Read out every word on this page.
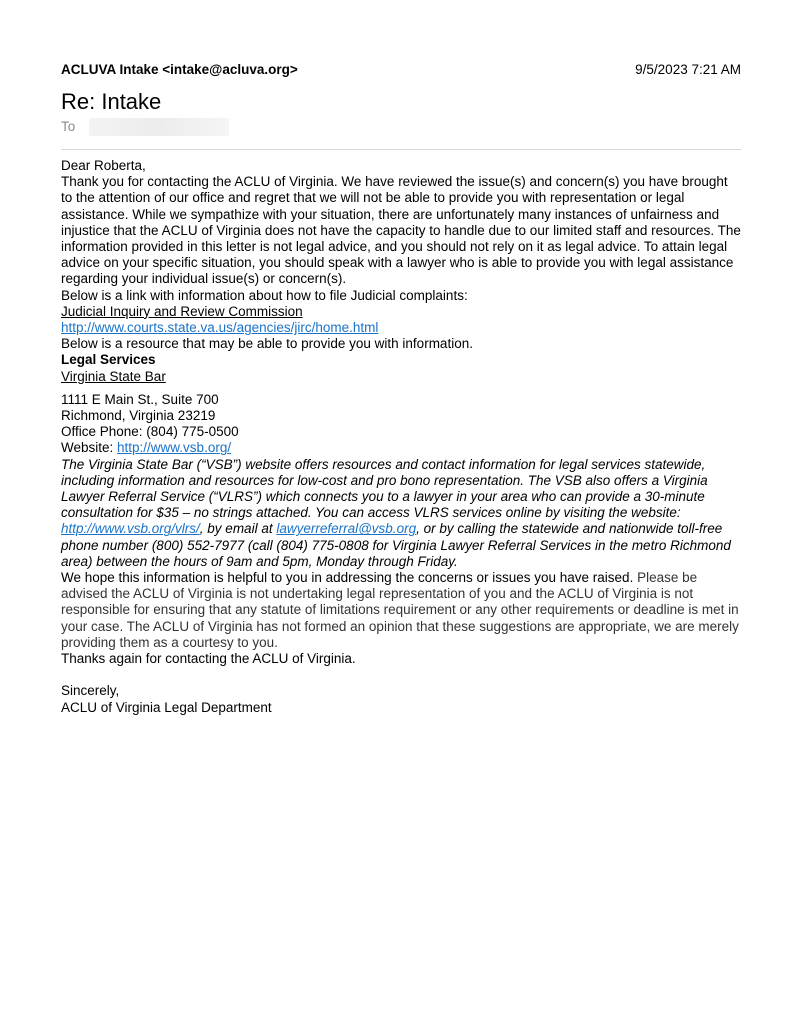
ACLUVA Intake <intake@acluva.org>	9/5/2023 7:21 AM
Re: Intake
To

Dear Roberta,

Thank you for contacting the ACLU of Virginia. We have reviewed the issue(s) and concern(s) you have brought to the attention of our office and regret that we will not be able to provide you with representation or legal assistance. While we sympathize with your situation, there are unfortunately many instances of unfairness and injustice that the ACLU of Virginia does not have the capacity to handle due to our limited staff and resources. The information provided in this letter is not legal advice, and you should not rely on it as legal advice. To attain legal advice on your specific situation, you should speak with a lawyer who is able to provide you with legal assistance regarding your individual issue(s) or concern(s).

Below is a link with information about how to file Judicial complaints:

Judicial Inquiry and Review Commission

http://www.courts.state.va.us/agencies/jirc/home.html

Below is a resource that may be able to provide you with information.

Legal Services

Virginia State Bar

1111 E Main St., Suite 700
Richmond, Virginia 23219
Office Phone: (804) 775-0500
Website: http://www.vsb.org/
The Virginia State Bar (“VSB”) website offers resources and contact information for legal services statewide, including information and resources for low-cost and pro bono representation. The VSB also offers a Virginia Lawyer Referral Service (“VLRS”) which connects you to a lawyer in your area who can provide a 30-minute consultation for $35 – no strings attached. You can access VLRS services online by visiting the website: http://www.vsb.org/vlrs/, by email at lawyerreferral@vsb.org, or by calling the statewide and nationwide toll-free phone number (800) 552-7977 (call (804) 775-0808 for Virginia Lawyer Referral Services in the metro Richmond area) between the hours of 9am and 5pm, Monday through Friday.

We hope this information is helpful to you in addressing the concerns or issues you have raised. Please be advised the ACLU of Virginia is not undertaking legal representation of you and the ACLU of Virginia is not responsible for ensuring that any statute of limitations requirement or any other requirements or deadline is met in your case. The ACLU of Virginia has not formed an opinion that these suggestions are appropriate, we are merely providing them as a courtesy to you.

Thanks again for contacting the ACLU of Virginia.

Sincerely,
ACLU of Virginia Legal Department
